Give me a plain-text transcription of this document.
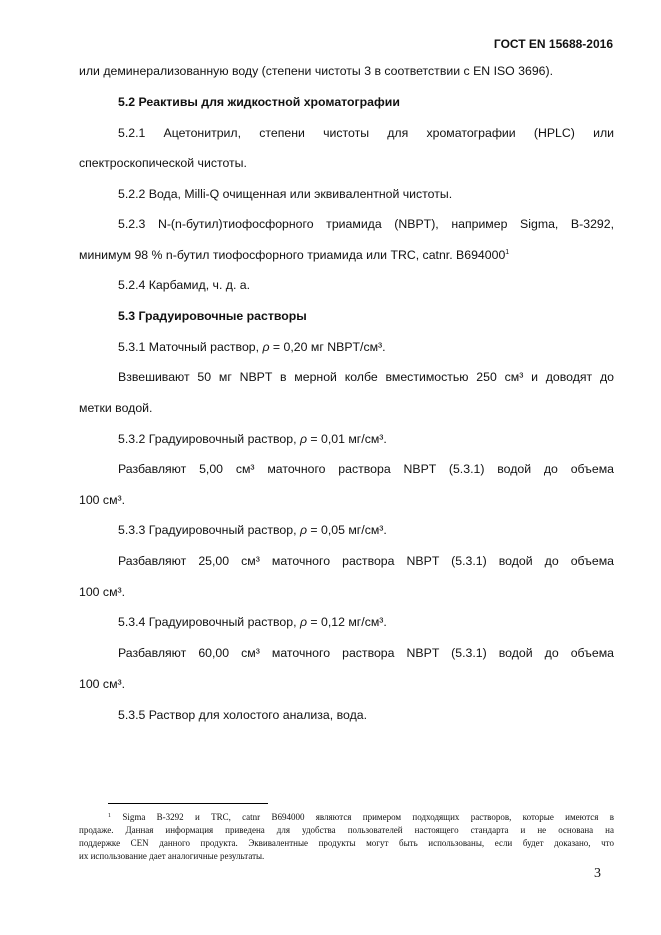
ГОСТ EN 15688-2016
или деминерализованную воду (степени чистоты 3 в соответствии с EN ISO 3696).
5.2 Реактивы для жидкостной хроматографии
5.2.1 Ацетонитрил, степени чистоты для хроматографии (HPLC) или
спектроскопической чистоты.
5.2.2 Вода, Milli-Q очищенная или эквивалентной чистоты.
5.2.3 N-(n-бутил)тиофосфорного триамида (NBPT), например Sigma, B-3292,
минимум 98 % n-бутил тиофосфорного триамида или TRC, catnr. B694000$^1$
5.2.4 Карбамид, ч. д. а.
5.3 Градуировочные растворы
5.3.1 Маточный раствор, ρ = 0,20 мг NBPT/см³.
Взвешивают 50 мг NBPT в мерной колбе вместимостью 250 см³ и доводят до
метки водой.
5.3.2 Градуировочный раствор, ρ = 0,01 мг/см³.
Разбавляют 5,00 см³ маточного раствора NBPT (5.3.1) водой до объема
100 см³.
5.3.3 Градуировочный раствор, ρ = 0,05 мг/см³.
Разбавляют 25,00 см³ маточного раствора NBPT (5.3.1) водой до объема
100 см³.
5.3.4 Градуировочный раствор, ρ = 0,12 мг/см³.
Разбавляют 60,00 см³ маточного раствора NBPT (5.3.1) водой до объема
100 см³.
5.3.5 Раствор для холостого анализа, вода.
$^1$ Sigma B-3292 и TRC, catnr B694000 являются примером подходящих растворов, которые имеются в
продаже. Данная информация приведена для удобства пользователей настоящего стандарта и не основана на
поддержке CEN данного продукта. Эквивалентные продукты могут быть использованы, если будет доказано, что
их использование дает аналогичные результаты.
3
